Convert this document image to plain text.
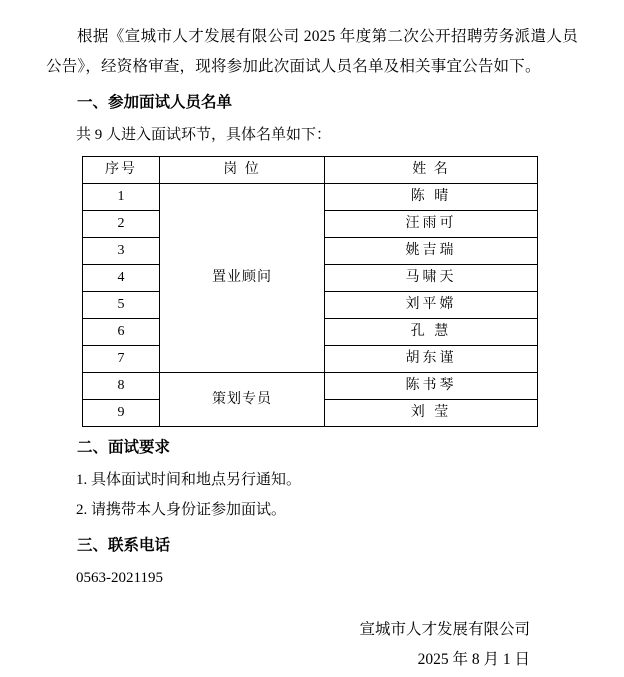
根据《宣城市人才发展有限公司 2025 年度第二次公开招聘劳务派遣人员公告》，经资格审查，现将参加此次面试人员名单及相关事宜公告如下。

一、参加面试人员名单

共 9 人进入面试环节，具体名单如下：

序号	岗 位	姓 名
1	置业顾问	陈 晴
2		汪雨可
3		姚吉瑞
4		马啸天
5		刘平嫦
6		孔 慧
7		胡东谨
8	策划专员	陈书琴
9		刘 莹
二、面试要求

1. 具体面试时间和地点另行通知。

2. 请携带本人身份证参加面试。

三、联系电话

0563-2021195

宣城市人才发展有限公司
2025 年 8 月 1 日
